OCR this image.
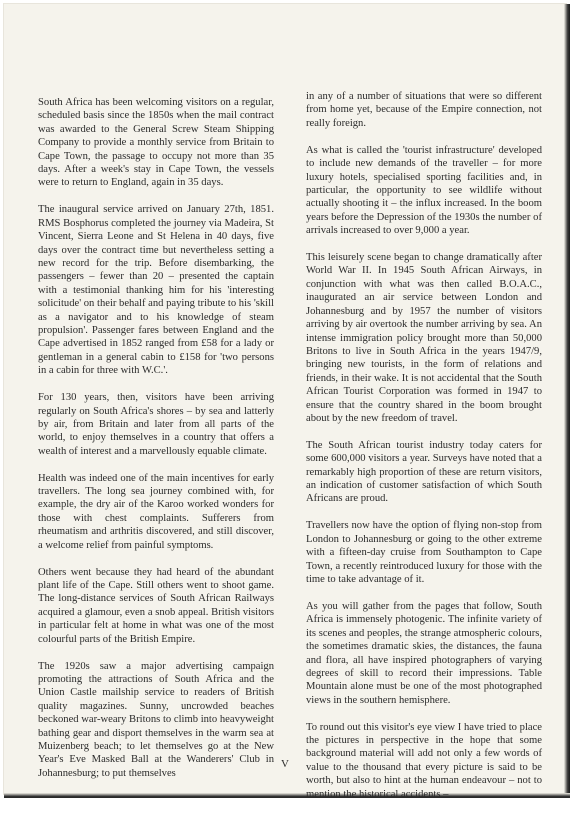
South Africa has been welcoming visitors on a regular, scheduled basis since the 1850s when the mail contract was awarded to the General Screw Steam Shipping Company to provide a monthly service from Britain to Cape Town, the passage to occupy not more than 35 days. After a week's stay in Cape Town, the vessels were to return to England, again in 35 days.

The inaugural service arrived on January 27th, 1851. RMS Bosphorus completed the journey via Madeira, St Vincent, Sierra Leone and St Helena in 40 days, five days over the contract time but nevertheless setting a new record for the trip. Before disembarking, the passengers – fewer than 20 – presented the captain with a testimonial thanking him for his 'interesting solicitude' on their behalf and paying tribute to his 'skill as a navigator and to his knowledge of steam propulsion'. Passenger fares between England and the Cape advertised in 1852 ranged from £58 for a lady or gentleman in a general cabin to £158 for 'two persons in a cabin for three with W.C.'.

For 130 years, then, visitors have been arriving regularly on South Africa's shores – by sea and latterly by air, from Britain and later from all parts of the world, to enjoy themselves in a country that offers a wealth of interest and a marvellously equable climate.

Health was indeed one of the main incentives for early travellers. The long sea journey combined with, for example, the dry air of the Karoo worked wonders for those with chest complaints. Sufferers from rheumatism and arthritis discovered, and still discover, a welcome relief from painful symptoms.

Others went because they had heard of the abundant plant life of the Cape. Still others went to shoot game. The long-distance services of South African Railways acquired a glamour, even a snob appeal. British visitors in particular felt at home in what was one of the most colourful parts of the British Empire.

The 1920s saw a major advertising campaign promoting the attractions of South Africa and the Union Castle mailship service to readers of British quality magazines. Sunny, uncrowded beaches beckoned war-weary Britons to climb into heavyweight bathing gear and disport themselves in the warm sea at Muizenberg beach; to let themselves go at the New Year's Eve Masked Ball at the Wanderers' Club in Johannesburg; to put themselves

in any of a number of situations that were so different from home yet, because of the Empire connection, not really foreign.

As what is called the 'tourist infrastructure' developed to include new demands of the traveller – for more luxury hotels, specialised sporting facilities and, in particular, the opportunity to see wildlife without actually shooting it – the influx increased. In the boom years before the Depression of the 1930s the number of arrivals increased to over 9,000 a year.

This leisurely scene began to change dramatically after World War II. In 1945 South African Airways, in conjunction with what was then called B.O.A.C., inaugurated an air service between London and Johannesburg and by 1957 the number of visitors arriving by air overtook the number arriving by sea. An intense immigration policy brought more than 50,000 Britons to live in South Africa in the years 1947/9, bringing new tourists, in the form of relations and friends, in their wake. It is not accidental that the South African Tourist Corporation was formed in 1947 to ensure that the country shared in the boom brought about by the new freedom of travel.

The South African tourist industry today caters for some 600,000 visitors a year. Surveys have noted that a remarkably high proportion of these are return visitors, an indication of customer satisfaction of which South Africans are proud.

Travellers now have the option of flying non-stop from London to Johannesburg or going to the other extreme with a fifteen-day cruise from Southampton to Cape Town, a recently reintroduced luxury for those with the time to take advantage of it.

As you will gather from the pages that follow, South Africa is immensely photogenic. The infinite variety of its scenes and peoples, the strange atmospheric colours, the sometimes dramatic skies, the distances, the fauna and flora, all have inspired photographers of varying degrees of skill to record their impressions. Table Mountain alone must be one of the most photographed views in the southern hemisphere.

To round out this visitor's eye view I have tried to place the pictures in perspective in the hope that some background material will add not only a few words of value to the thousand that every picture is said to be worth, but also to hint at the human endeavour – not to mention the historical accidents –

V
